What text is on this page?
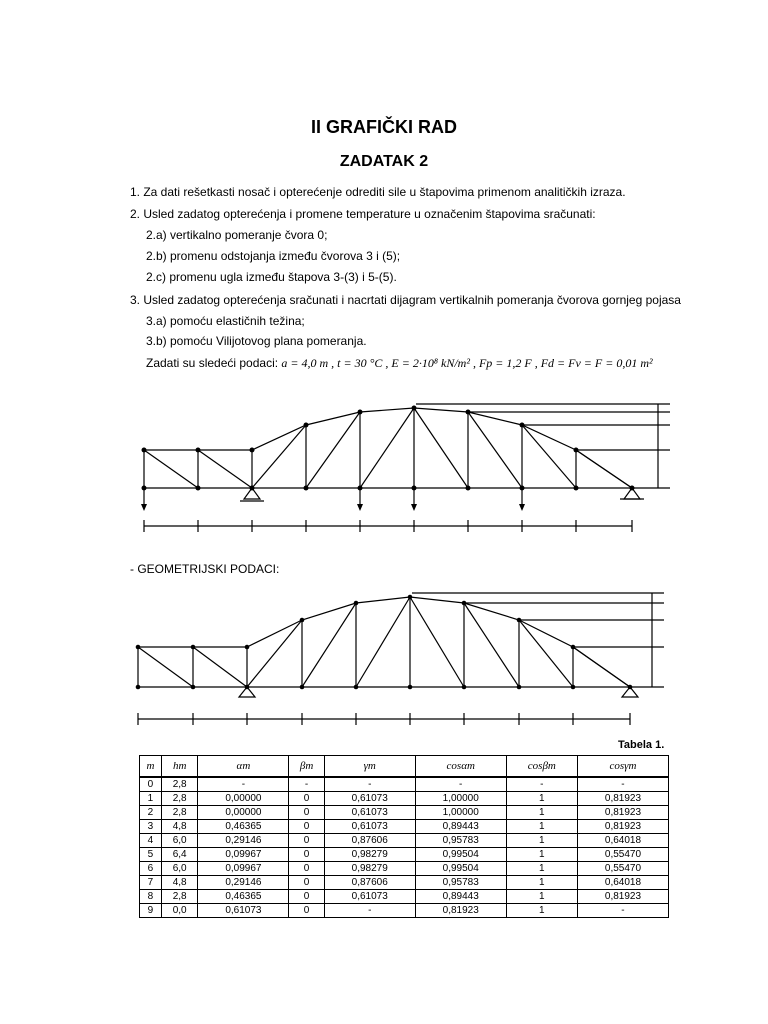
II GRAFIČKI RAD
ZADATAK 2
1. Za dati rešetkasti nosač i opterećenje odrediti sile u štapovima primenom analitičkih izraza.
2. Usled zadatog opterećenja i promene temperature u označenim štapovima sračunati:
2.a) vertikalno pomeranje čvora 0;
2.b) promenu odstojanja između čvorova 3 i (5);
2.c) promenu ugla između štapova 3-(3) i 5-(5).
3. Usled zadatog opterećenja sračunati i nacrtati dijagram vertikalnih pomeranja čvorova gornjeg pojasa
3.a) pomoću elastičnih težina;
3.b) pomoću Vilijotovog plana pomeranja.
Zadati su sledeći podaci: a = 4,0 m , t = 30 °C , E = 2·10⁸ kN/m² , Fp = 1,2 F , Fd = Fv = F = 0,01 m²
- GEOMETRIJSKI PODACI:
Tabela 1.
m	hm	αm	βm	γm	cosαm	cosβm	cosγm
0	2,8	-	-	-	-	-	-
1	2,8	0,00000	0	0,61073	1,00000	1	0,81923
2	2,8	0,00000	0	0,61073	1,00000	1	0,81923
3	4,8	0,46365	0	0,61073	0,89443	1	0,81923
4	6,0	0,29146	0	0,87606	0,95783	1	0,64018
5	6,4	0,09967	0	0,98279	0,99504	1	0,55470
6	6,0	0,09967	0	0,98279	0,99504	1	0,55470
7	4,8	0,29146	0	0,87606	0,95783	1	0,64018
8	2,8	0,46365	0	0,61073	0,89443	1	0,81923
9	0,0	0,61073	0	-	0,81923	1	-
